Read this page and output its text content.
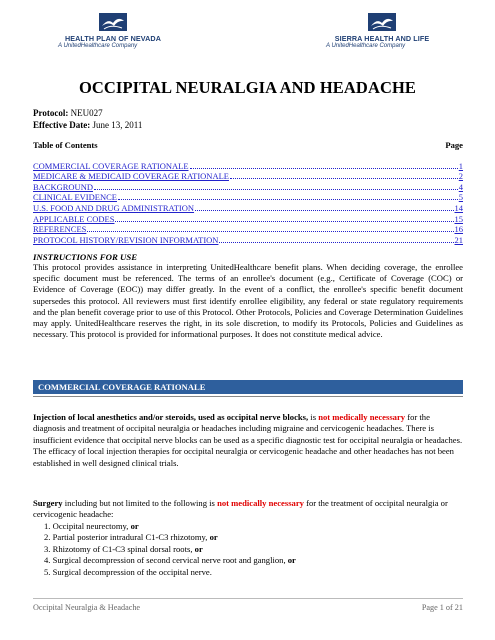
HEALTH PLAN OF NEVADA
A UnitedHealthcare Company
SIERRA HEALTH AND LIFE
A UnitedHealthcare Company
OCCIPITAL NEURALGIA AND HEADACHE
Protocol: NEU027
Effective Date: June 13, 2011
Table of Contents	Page
COMMERCIAL COVERAGE RATIONALE	1
MEDICARE & MEDICAID COVERAGE RATIONALE	2
BACKGROUND	4
CLINICAL EVIDENCE	5
U.S. FOOD AND DRUG ADMINISTRATION	14
APPLICABLE CODES	15
REFERENCES	16
PROTOCOL HISTORY/REVISION INFORMATION	21
INSTRUCTIONS FOR USE
This protocol provides assistance in interpreting UnitedHealthcare benefit plans. When deciding coverage, the enrollee specific document must be referenced. The terms of an enrollee's document (e.g., Certificate of Coverage (COC) or Evidence of Coverage (EOC)) may differ greatly. In the event of a conflict, the enrollee's specific benefit document supersedes this protocol. All reviewers must first identify enrollee eligibility, any federal or state regulatory requirements and the plan benefit coverage prior to use of this Protocol. Other Protocols, Policies and Coverage Determination Guidelines may apply. UnitedHealthcare reserves the right, in its sole discretion, to modify its Protocols, Policies and Guidelines as necessary. This protocol is provided for informational purposes. It does not constitute medical advice.
COMMERCIAL COVERAGE RATIONALE
Injection of local anesthetics and/or steroids, used as occipital nerve blocks, is not medically necessary for the diagnosis and treatment of occipital neuralgia or headaches including migraine and cervicogenic headaches. There is insufficient evidence that occipital nerve blocks can be used as a specific diagnostic test for occipital neuralgia or headaches. The efficacy of local injection therapies for occipital neuralgia or cervicogenic headache and other headaches has not been established in well designed clinical trials.
Surgery including but not limited to the following is not medically necessary for the treatment of occipital neuralgia or cervicogenic headache:
1. Occipital neurectomy, or
2. Partial posterior intradural C1-C3 rhizotomy, or
3. Rhizotomy of C1-C3 spinal dorsal roots, or
4. Surgical decompression of second cervical nerve root and ganglion, or
5. Surgical decompression of the occipital nerve.
Occipital Neuralgia & Headache	Page 1 of 21
